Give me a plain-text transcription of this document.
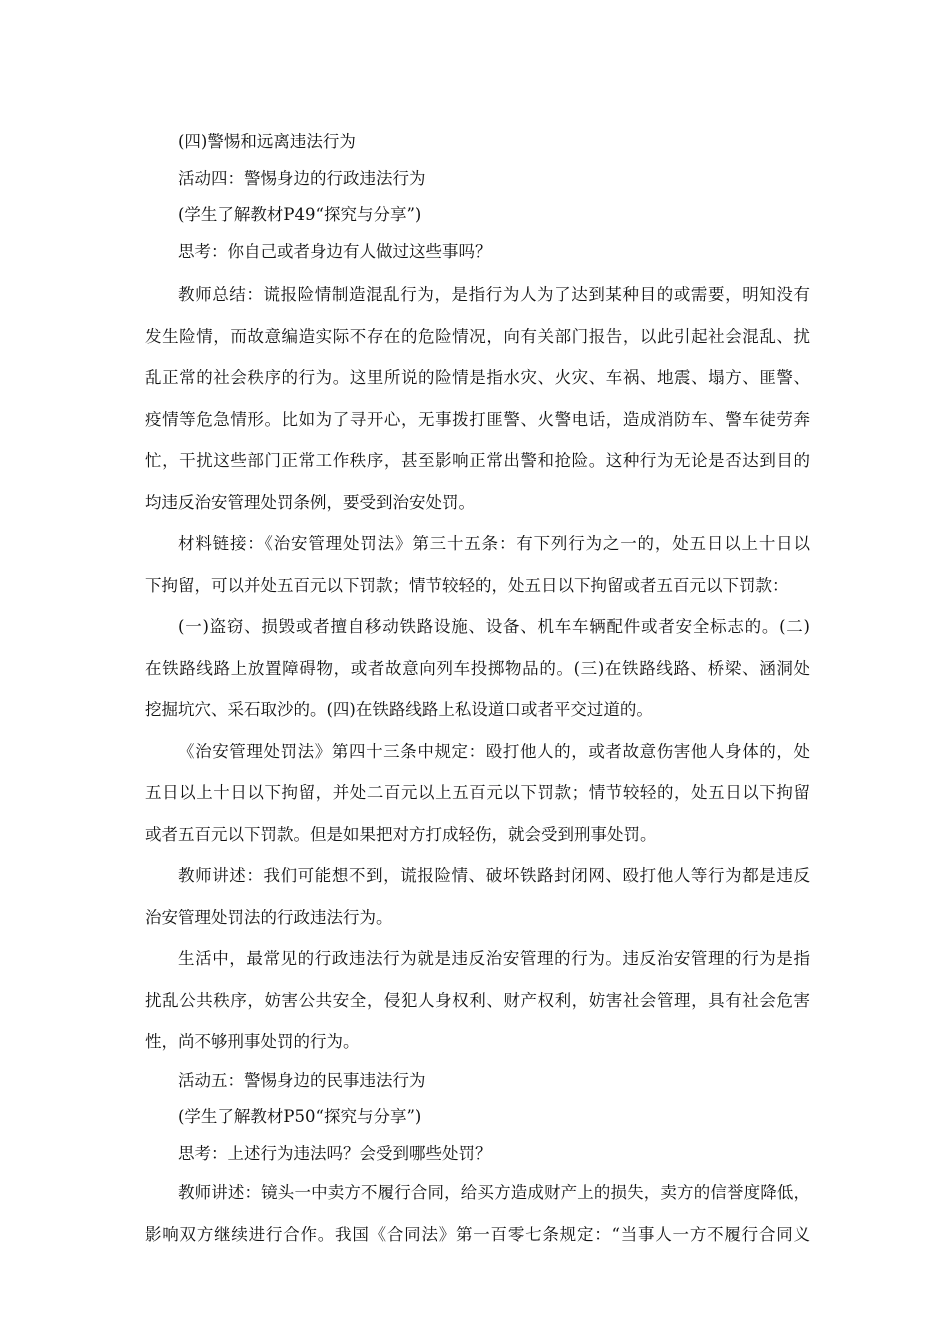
(四)警惕和远离违法行为
活动四：警惕身边的行政违法行为
(学生了解教材P49“探究与分享”)
思考：你自己或者身边有人做过这些事吗？
教师总结：谎报险情制造混乱行为，是指行为人为了达到某种目的或需要，明知没有
发生险情，而故意编造实际不存在的危险情况，向有关部门报告，以此引起社会混乱、扰
乱正常的社会秩序的行为。这里所说的险情是指水灾、火灾、车祸、地震、塌方、匪警、
疫情等危急情形。比如为了寻开心，无事拨打匪警、火警电话，造成消防车、警车徒劳奔
忙，干扰这些部门正常工作秩序，甚至影响正常出警和抢险。这种行为无论是否达到目的
均违反治安管理处罚条例，要受到治安处罚。
材料链接：《治安管理处罚法》第三十五条：有下列行为之一的，处五日以上十日以
下拘留，可以并处五百元以下罚款；情节较轻的，处五日以下拘留或者五百元以下罚款：
(一)盗窃、损毁或者擅自移动铁路设施、设备、机车车辆配件或者安全标志的。(二)
在铁路线路上放置障碍物，或者故意向列车投掷物品的。(三)在铁路线路、桥梁、涵洞处
挖掘坑穴、采石取沙的。(四)在铁路线路上私设道口或者平交过道的。
《治安管理处罚法》第四十三条中规定：殴打他人的，或者故意伤害他人身体的，处
五日以上十日以下拘留，并处二百元以上五百元以下罚款；情节较轻的，处五日以下拘留
或者五百元以下罚款。但是如果把对方打成轻伤，就会受到刑事处罚。
教师讲述：我们可能想不到，谎报险情、破坏铁路封闭网、殴打他人等行为都是违反
治安管理处罚法的行政违法行为。
生活中，最常见的行政违法行为就是违反治安管理的行为。违反治安管理的行为是指
扰乱公共秩序，妨害公共安全，侵犯人身权利、财产权利，妨害社会管理，具有社会危害
性，尚不够刑事处罚的行为。
活动五：警惕身边的民事违法行为
(学生了解教材P50“探究与分享”)
思考：上述行为违法吗？会受到哪些处罚？
教师讲述：镜头一中卖方不履行合同，给买方造成财产上的损失，卖方的信誉度降低，
影响双方继续进行合作。我国《合同法》第一百零七条规定：“当事人一方不履行合同义
